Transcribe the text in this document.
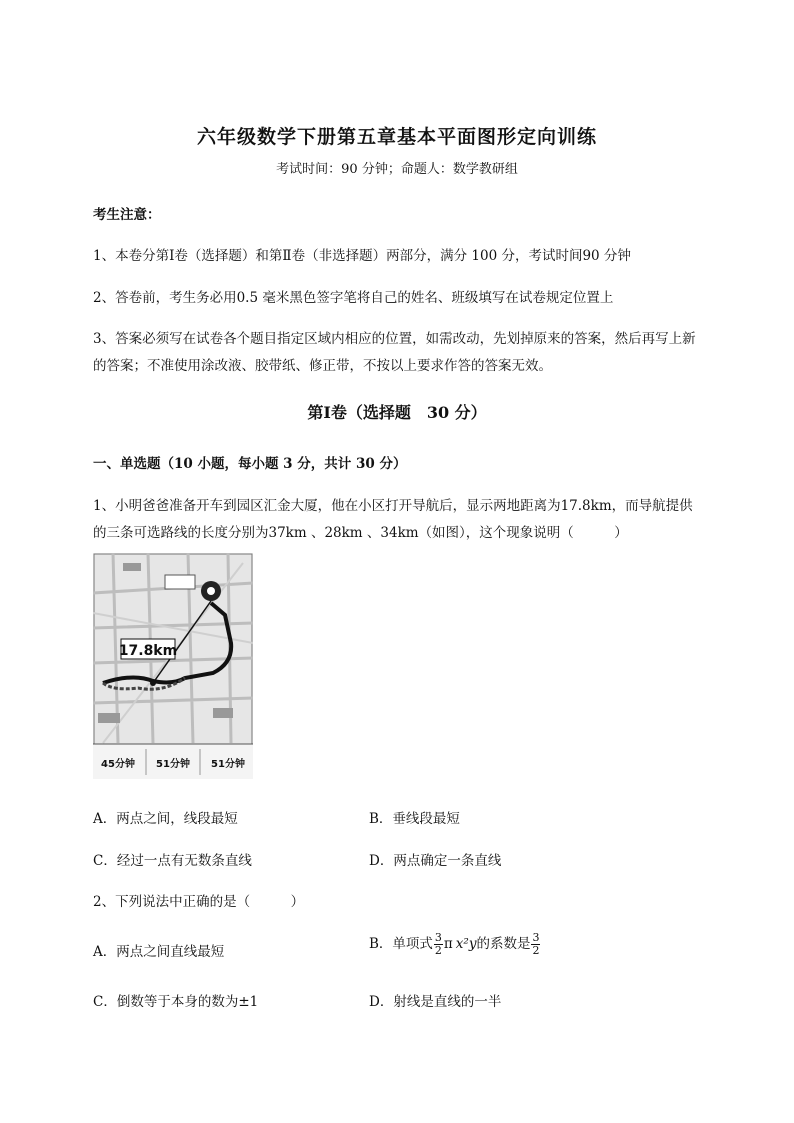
六年级数学下册第五章基本平面图形定向训练
考试时间：90 分钟；命题人：数学教研组
考生注意：
1、本卷分第Ⅰ卷（选择题）和第Ⅱ卷（非选择题）两部分，满分 100 分，考试时间90 分钟
2、答卷前，考生务必用0.5 毫米黑色签字笔将自己的姓名、班级填写在试卷规定位置上
3、答案必须写在试卷各个题目指定区域内相应的位置，如需改动，先划掉原来的答案，然后再写上新
的答案；不准使用涂改液、胶带纸、修正带，不按以上要求作答的答案无效。
第Ⅰ卷（选择题　30 分）
一、单选题（10 小题，每小题 3 分，共计 30 分）
1、小明爸爸准备开车到园区汇金大厦，他在小区打开导航后，显示两地距离为17.8km，而导航提供
的三条可选路线的长度分别为37km 、28km 、34km（如图），这个现象说明（　　　）
17.8km
45分钟 51分钟 51分钟
A．两点之间，线段最短	B．垂线段最短
C．经过一点有无数条直线	D．两点确定一条直线
2、下列说法中正确的是（　　　）
A．两点之间直线最短	B．单项式 $\frac{3}{2}$ π x²y的系数是 $\frac{3}{2}$
C．倒数等于本身的数为±1	D．射线是直线的一半
